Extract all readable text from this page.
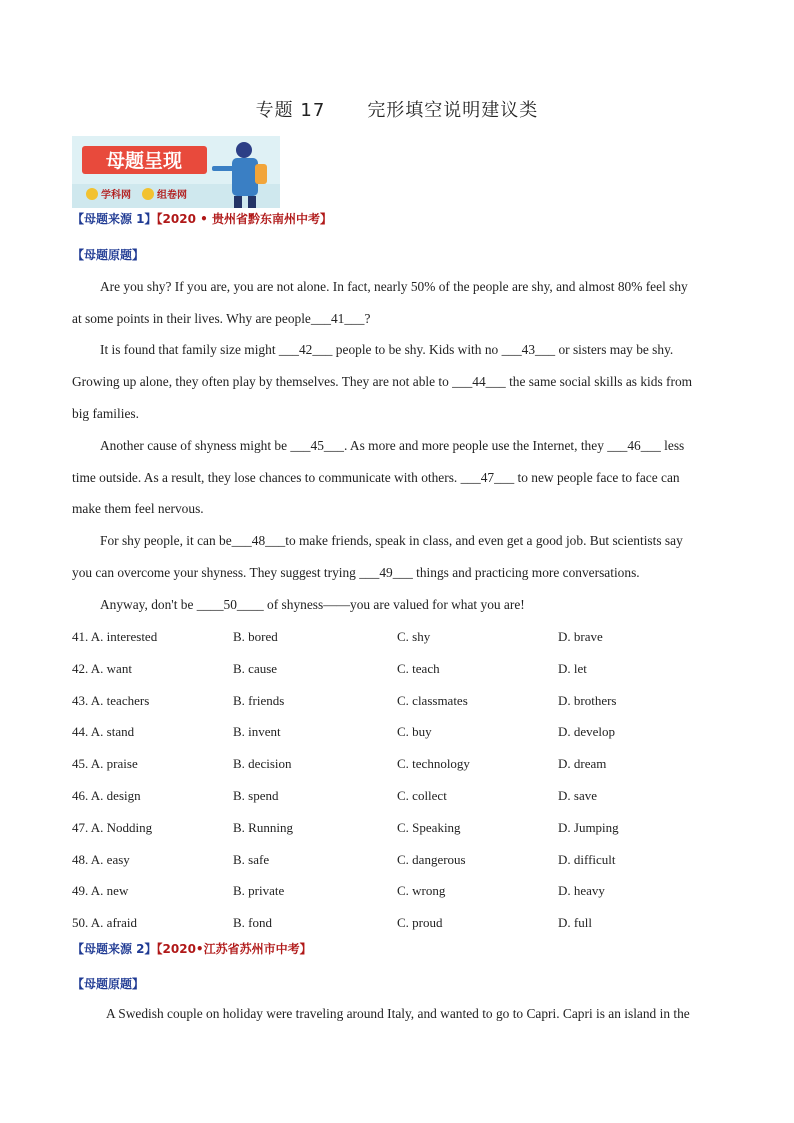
专题 17 完形填空说明建议类
母题呈现
学科网	组卷网
【母题来源 1】【2020 • 贵州省黔东南州中考】
【母题原题】
Are you shy? If you are, you are not alone. In fact, nearly 50% of the people are shy, and almost 80% feel shy
at some points in their lives. Why are people___41___?
It is found that family size might ___42___ people to be shy. Kids with no ___43___ or sisters may be shy.
Growing up alone, they often play by themselves. They are not able to ___44___ the same social skills as kids from
big families.
Another cause of shyness might be ___45___. As more and more people use the Internet, they ___46___ less
time outside. As a result, they lose chances to communicate with others. ___47___ to new people face to face can
make them feel nervous.
For shy people, it can be___48___to make friends, speak in class, and even get a good job. But scientists say
you can overcome your shyness. They suggest trying ___49___ things and practicing more conversations.
Anyway, don't be ____50____ of shyness——you are valued for what you are!
41. A. interested	B. bored	C. shy	D. brave
42. A. want	B. cause	C. teach	D. let
43. A. teachers	B. friends	C. classmates	D. brothers
44. A. stand	B. invent	C. buy	D. develop
45. A. praise	B. decision	C. technology	D. dream
46. A. design	B. spend	C. collect	D. save
47. A. Nodding	B. Running	C. Speaking	D. Jumping
48. A. easy	B. safe	C. dangerous	D. difficult
49. A. new	B. private	C. wrong	D. heavy
50. A. afraid	B. fond	C. proud	D. full
【母题来源 2】【2020•江苏省苏州市中考】
【母题原题】
A Swedish couple on holiday were traveling around Italy, and wanted to go to Capri. Capri is an island in the
